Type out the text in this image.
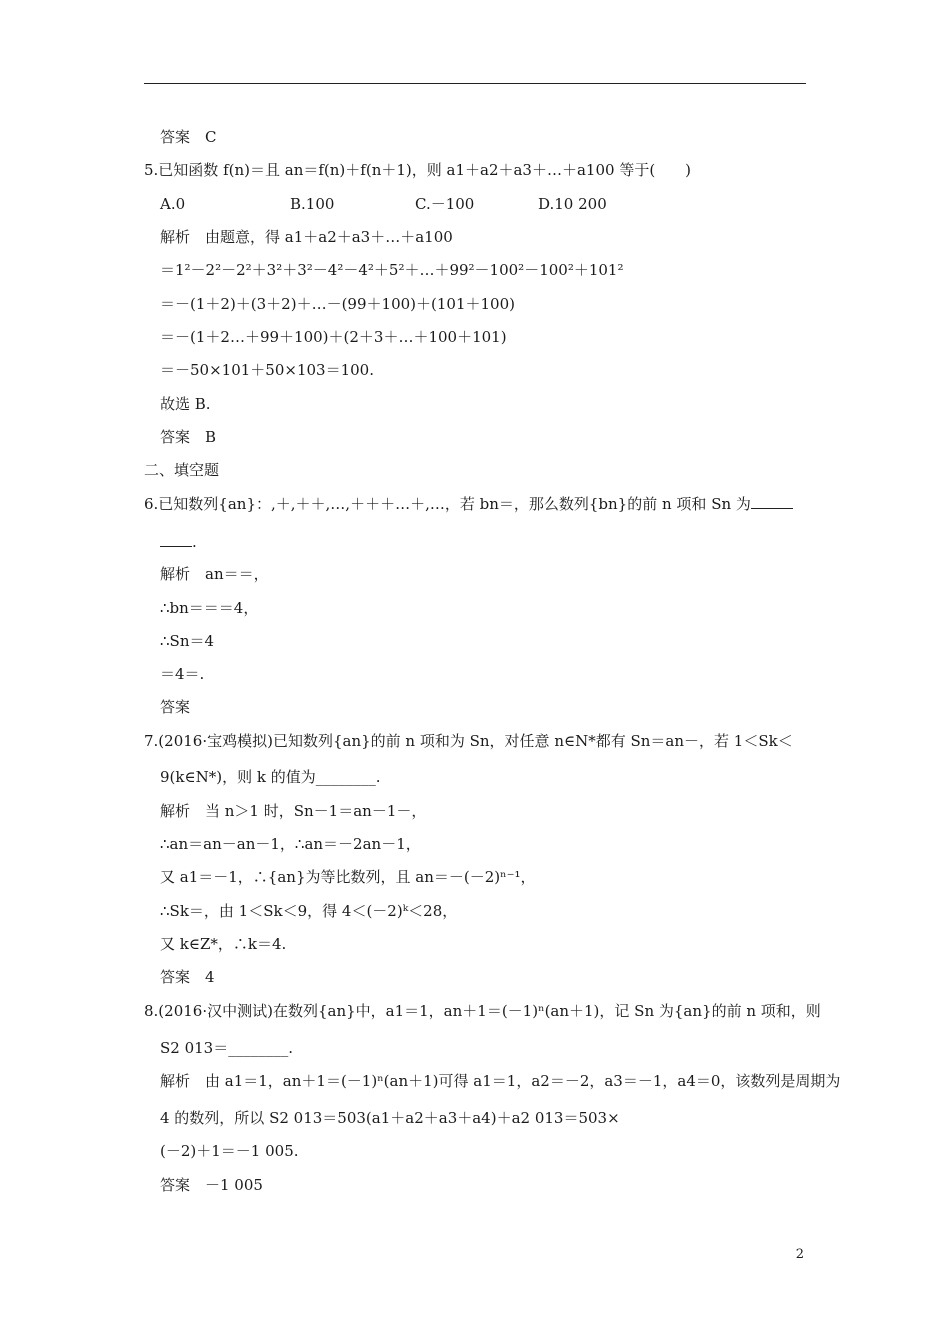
答案　C
5.已知函数 f(n)＝且 an＝f(n)＋f(n＋1)，则 a1＋a2＋a3＋…＋a100 等于(　　)
A.0	B.100	C.－100	D.10 200
解析　由题意，得 a1＋a2＋a3＋…＋a100
＝1²－2²－2²＋3²＋3²－4²－4²＋5²＋…＋99²－100²－100²＋101²
＝－(1＋2)＋(3＋2)＋…－(99＋100)＋(101＋100)
＝－(1＋2…＋99＋100)＋(2＋3＋…＋100＋101)
＝－50×101＋50×103＝100.
故选 B.
答案　B
二、填空题
6.已知数列{an}：,＋,＋＋,…,＋＋＋…＋,…，若 bn＝，那么数列{bn}的前 n 项和 Sn 为
.
解析　an＝＝，
∴bn＝＝＝4，
∴Sn＝4
＝4＝.
答案
7.(2016·宝鸡模拟)已知数列{an}的前 n 项和为 Sn，对任意 n∈N*都有 Sn＝an－，若 1＜Sk＜
9(k∈N*)，则 k 的值为________.
解析　当 n＞1 时，Sn－1＝an－1－，
∴an＝an－an－1，∴an＝－2an－1，
又 a1＝－1，∴{an}为等比数列，且 an＝－(－2)ⁿ⁻¹，
∴Sk＝，由 1＜Sk＜9，得 4＜(－2)ᵏ＜28，
又 k∈Z*，∴k＝4.
答案　4
8.(2016·汉中测试)在数列{an}中，a1＝1，an＋1＝(－1)ⁿ(an＋1)，记 Sn 为{an}的前 n 项和，则
S2 013＝________.
解析　由 a1＝1，an＋1＝(－1)ⁿ(an＋1)可得 a1＝1，a2＝－2，a3＝－1，a4＝0，该数列是周期为
4 的数列，所以 S2 013＝503(a1＋a2＋a3＋a4)＋a2 013＝503×
(－2)＋1＝－1 005.
答案　－1 005
2
